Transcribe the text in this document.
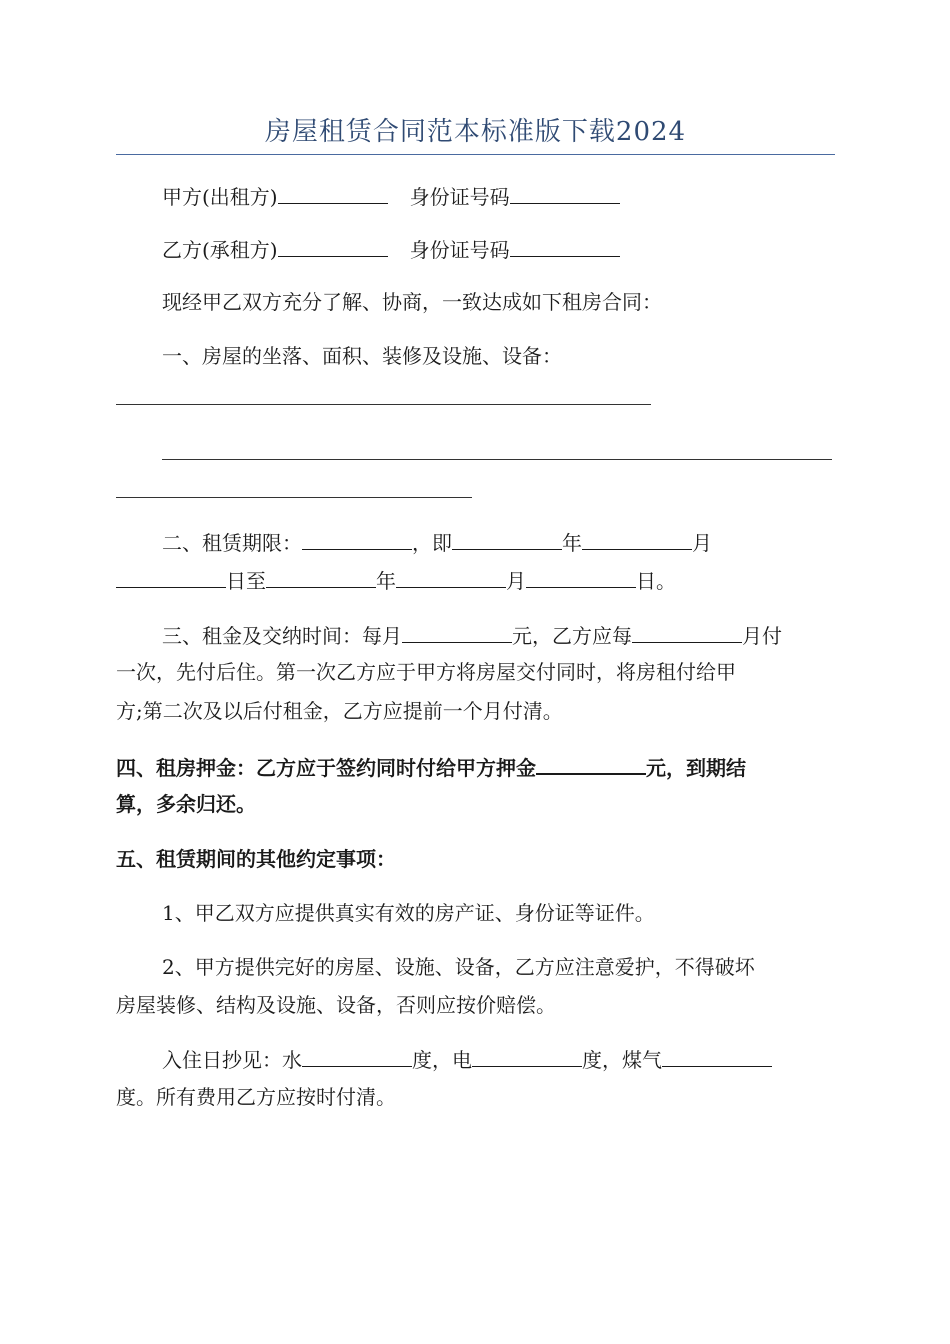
房屋租赁合同范本标准版下载2024
甲方(出租方)	身份证号码
乙方(承租方)	身份证号码
现经甲乙双方充分了解、协商，一致达成如下租房合同：
一、房屋的坐落、面积、装修及设施、设备：
二、租赁期限：	，即	年	月
日至	年	月	日。
三、租金及交纳时间：每月	元，乙方应每	月付
一次，先付后住。第一次乙方应于甲方将房屋交付同时，将房租付给甲
方;第二次及以后付租金，乙方应提前一个月付清。
四、租房押金：乙方应于签约同时付给甲方押金	元，到期结
算，多余归还。
五、租赁期间的其他约定事项：
1、甲乙双方应提供真实有效的房产证、身份证等证件。
2、甲方提供完好的房屋、设施、设备，乙方应注意爱护，不得破坏
房屋装修、结构及设施、设备，否则应按价赔偿。
入住日抄见：水	度，电	度，煤气
度。所有费用乙方应按时付清。
